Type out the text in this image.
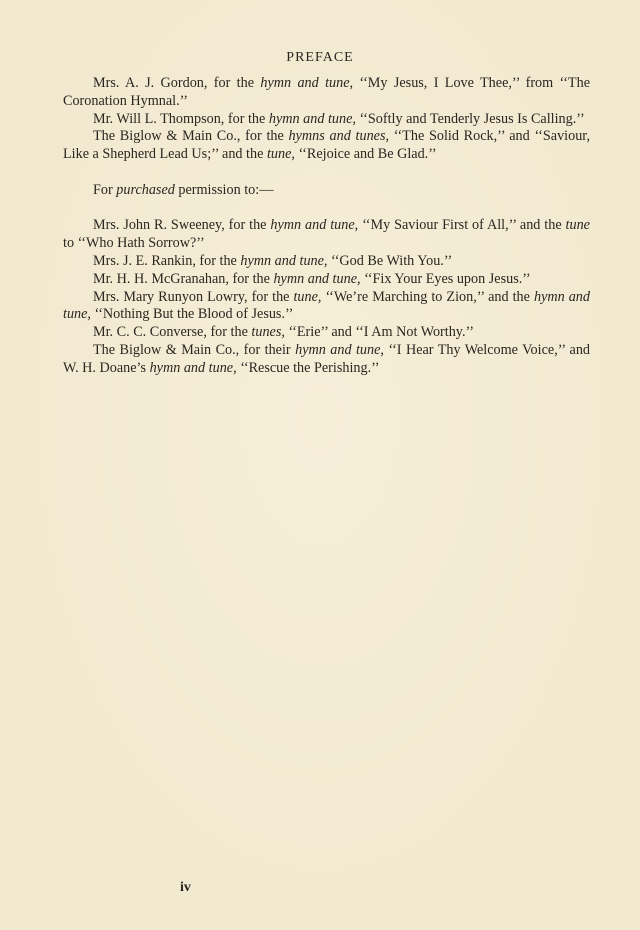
PREFACE

Mrs. A. J. Gordon, for the hymn and tune, ‘‘My Jesus, I Love Thee,’’ from ‘‘The Coronation Hymnal.’’

Mr. Will L. Thompson, for the hymn and tune, ‘‘Softly and Tenderly Jesus Is Calling.’’

The Biglow & Main Co., for the hymns and tunes, ‘‘The Solid Rock,’’ and ‘‘Saviour, Like a Shepherd Lead Us;’’ and the tune, ‘‘Rejoice and Be Glad.’’

For purchased permission to:—

Mrs. John R. Sweeney, for the hymn and tune, ‘‘My Saviour First of All,’’ and the tune to ‘‘Who Hath Sorrow?’’

Mrs. J. E. Rankin, for the hymn and tune, ‘‘God Be With You.’’

Mr. H. H. McGranahan, for the hymn and tune, ‘‘Fix Your Eyes upon Jesus.’’

Mrs. Mary Runyon Lowry, for the tune, ‘‘We’re Marching to Zion,’’ and the hymn and tune, ‘‘Nothing But the Blood of Jesus.’’

Mr. C. C. Converse, for the tunes, ‘‘Erie’’ and ‘‘I Am Not Worthy.’’

The Biglow & Main Co., for their hymn and tune, ‘‘I Hear Thy Welcome Voice,’’ and W. H. Doane’s hymn and tune, ‘‘Rescue the Perishing.’’

iv
